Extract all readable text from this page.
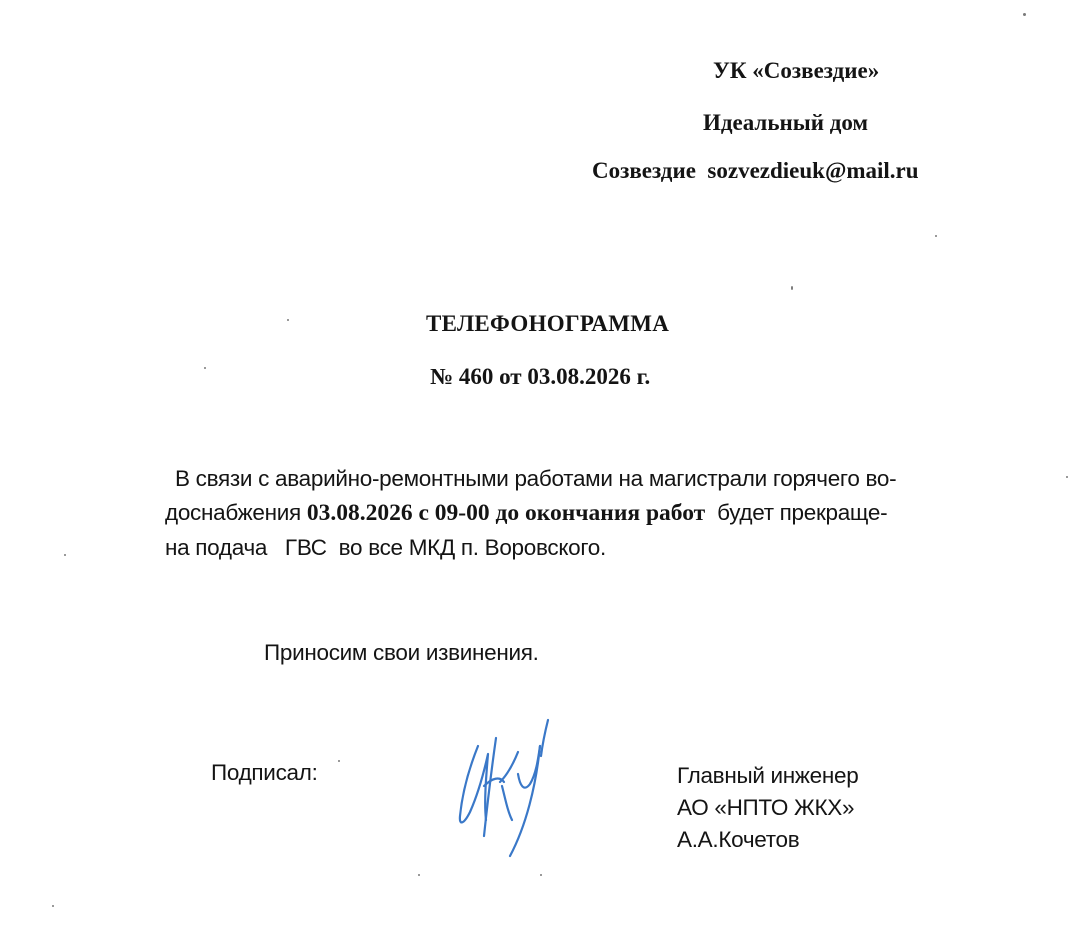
УК «Созвездие»
Идеальный дом
Созвездие  sozvezdieuk@mail.ru
ТЕЛЕФОНОГРАММА
№ 460 от 03.08.2026 г.
В связи с аварийно-ремонтными работами на магистрали горячего во-
доснабжения 03.08.2026 с 09-00 до окончания работ  будет прекраще-
на подача   ГВС  во все МКД п. Воровского.
Приносим свои извинения.
Подписал:	Главный инженер
АО «НПТО ЖКХ»
А.А.Кочетов
